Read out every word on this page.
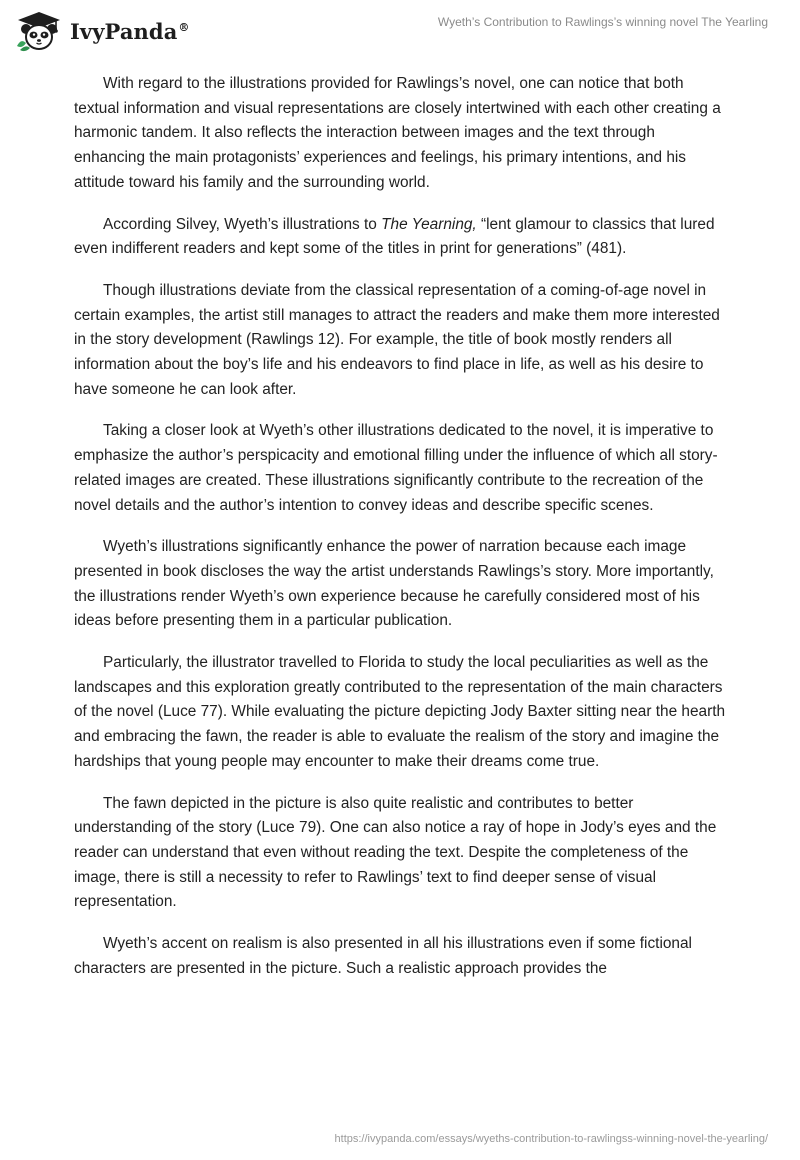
IvyPanda®	Wyeth’s Contribution to Rawlings’s winning novel The Yearling

With regard to the illustrations provided for Rawlings’s novel, one can notice that both textual information and visual representations are closely intertwined with each other creating a harmonic tandem. It also reflects the interaction between images and the text through enhancing the main protagonists’ experiences and feelings, his primary intentions, and his attitude toward his family and the surrounding world.

According Silvey, Wyeth’s illustrations to The Yearning, “lent glamour to classics that lured even indifferent readers and kept some of the titles in print for generations” (481).

Though illustrations deviate from the classical representation of a coming-of-age novel in certain examples, the artist still manages to attract the readers and make them more interested in the story development (Rawlings 12). For example, the title of book mostly renders all information about the boy’s life and his endeavors to find place in life, as well as his desire to have someone he can look after.

Taking a closer look at Wyeth’s other illustrations dedicated to the novel, it is imperative to emphasize the author’s perspicacity and emotional filling under the influence of which all story-related images are created. These illustrations significantly contribute to the recreation of the novel details and the author’s intention to convey ideas and describe specific scenes.

Wyeth’s illustrations significantly enhance the power of narration because each image presented in book discloses the way the artist understands Rawlings’s story. More importantly, the illustrations render Wyeth’s own experience because he carefully considered most of his ideas before presenting them in a particular publication.

Particularly, the illustrator travelled to Florida to study the local peculiarities as well as the landscapes and this exploration greatly contributed to the representation of the main characters of the novel (Luce 77). While evaluating the picture depicting Jody Baxter sitting near the hearth and embracing the fawn, the reader is able to evaluate the realism of the story and imagine the hardships that young people may encounter to make their dreams come true.

The fawn depicted in the picture is also quite realistic and contributes to better understanding of the story (Luce 79). One can also notice a ray of hope in Jody’s eyes and the reader can understand that even without reading the text. Despite the completeness of the image, there is still a necessity to refer to Rawlings’ text to find deeper sense of visual representation.

Wyeth’s accent on realism is also presented in all his illustrations even if some fictional characters are presented in the picture. Such a realistic approach provides the

https://ivypanda.com/essays/wyeths-contribution-to-rawlingss-winning-novel-the-yearling/
